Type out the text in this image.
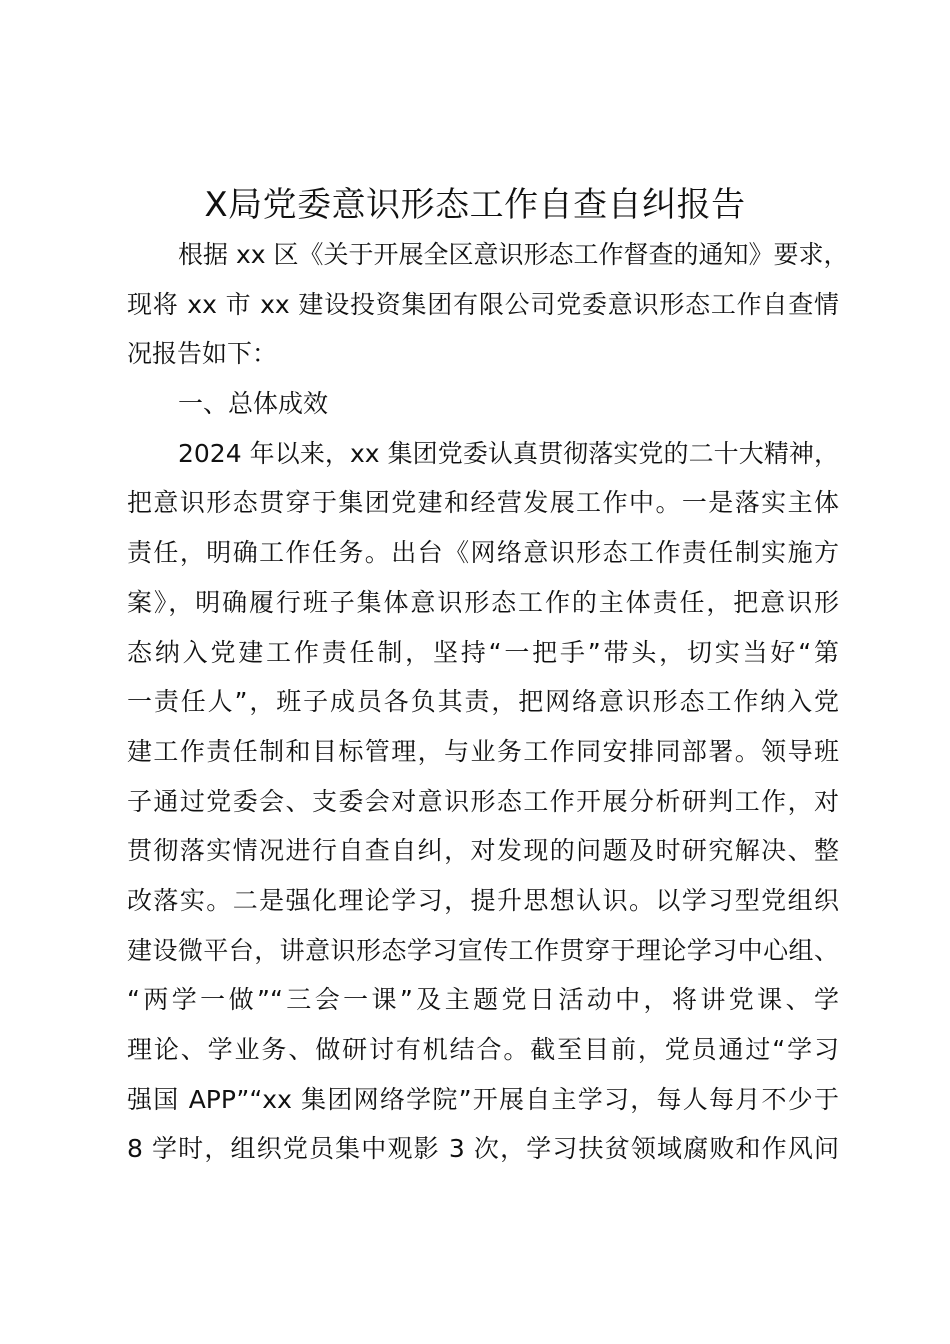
X局党委意识形态工作自查自纠报告
根据 xx 区《关于开展全区意识形态工作督查的通知》要求，
现将 xx 市 xx 建设投资集团有限公司党委意识形态工作自查情
况报告如下：
一、总体成效
2024 年以来，xx 集团党委认真贯彻落实党的二十大精神，
把意识形态贯穿于集团党建和经营发展工作中。一是落实主体
责任，明确工作任务。出台《网络意识形态工作责任制实施方
案》，明确履行班子集体意识形态工作的主体责任，把意识形
态纳入党建工作责任制，坚持“一把手”带头，切实当好“第
一责任人”，班子成员各负其责，把网络意识形态工作纳入党
建工作责任制和目标管理，与业务工作同安排同部署。领导班
子通过党委会、支委会对意识形态工作开展分析研判工作，对
贯彻落实情况进行自查自纠，对发现的问题及时研究解决、整
改落实。二是强化理论学习，提升思想认识。以学习型党组织
建设微平台，讲意识形态学习宣传工作贯穿于理论学习中心组、
“两学一做”“三会一课”及主题党日活动中，将讲党课、学
理论、学业务、做研讨有机结合。截至目前，党员通过“学习
强国 APP”“xx 集团网络学院”开展自主学习，每人每月不少于
8 学时，组织党员集中观影 3 次，学习扶贫领域腐败和作风问
